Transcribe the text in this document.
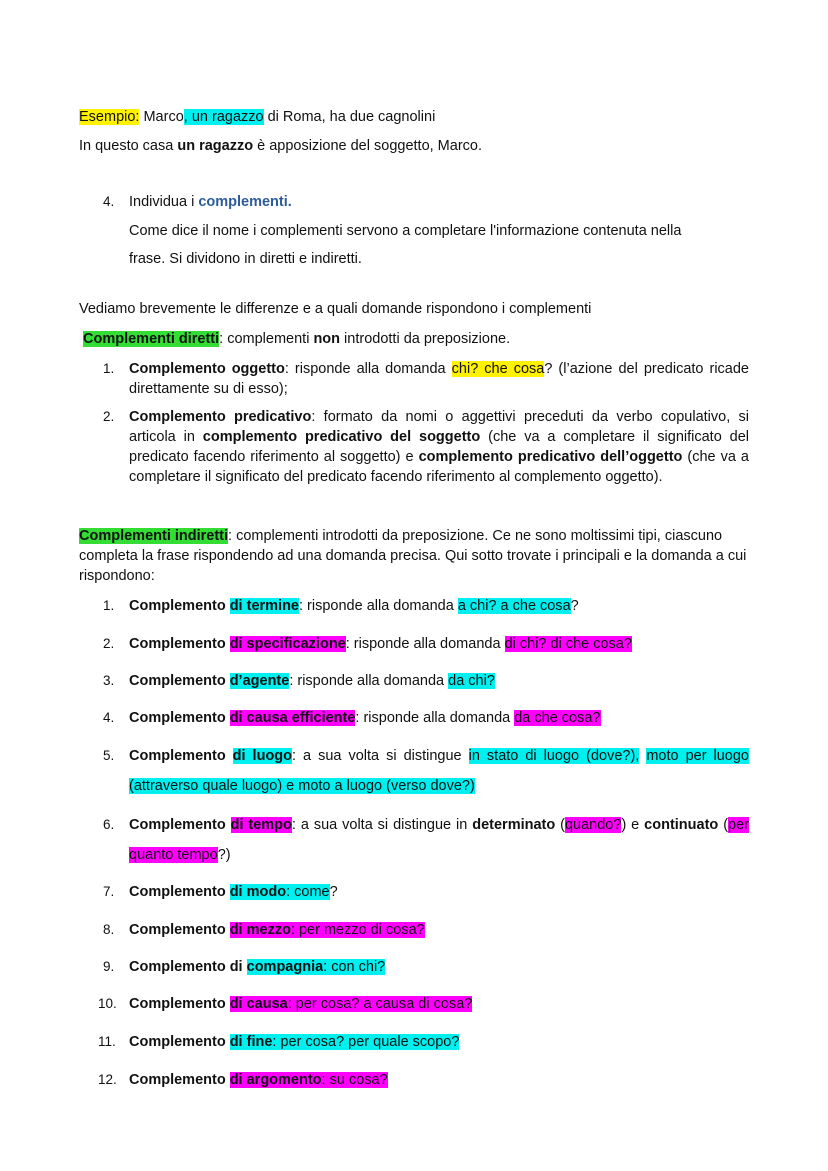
Esempio: Marco, un ragazzo di Roma, ha due cagnolini
In questo casa un ragazzo è apposizione del soggetto, Marco.
4.	Individua i complementi.
Come dice il nome i complementi servono a completare l'informazione contenuta nella
frase. Si dividono in diretti e indiretti.
Vediamo brevemente le differenze e a quali domande rispondono i complementi
Complementi diretti: complementi non introdotti da preposizione.
1.	Complemento oggetto: risponde alla domanda chi? che cosa? (l’azione del predicato ricade direttamente su di esso);
2.	Complemento predicativo: formato da nomi o aggettivi preceduti da verbo copulativo, si articola in complemento predicativo del soggetto (che va a completare il significato del predicato facendo riferimento al soggetto) e complemento predicativo dell’oggetto (che va a completare il significato del predicato facendo riferimento al complemento oggetto).
Complementi indiretti: complementi introdotti da preposizione. Ce ne sono moltissimi tipi, ciascuno completa la frase rispondendo ad una domanda precisa. Qui sotto trovate i principali e la domanda a cui rispondono:
1.	Complemento di termine: risponde alla domanda a chi? a che cosa?
2.	Complemento di specificazione: risponde alla domanda di chi? di che cosa?
3.	Complemento d’agente: risponde alla domanda da chi?
4.	Complemento di causa efficiente: risponde alla domanda da che cosa?
5.	Complemento di luogo: a sua volta si distingue in stato di luogo (dove?), moto per luogo (attraverso quale luogo) e moto a luogo (verso dove?)
6.	Complemento di tempo: a sua volta si distingue in determinato (quando?) e continuato (per quanto tempo?)
7.	Complemento di modo: come?
8.	Complemento di mezzo: per mezzo di cosa?
9.	Complemento di compagnia: con chi?
10. Complemento di causa: per cosa? a causa di cosa?
11. Complemento di fine: per cosa? per quale scopo?
12. Complemento di argomento: su cosa?
